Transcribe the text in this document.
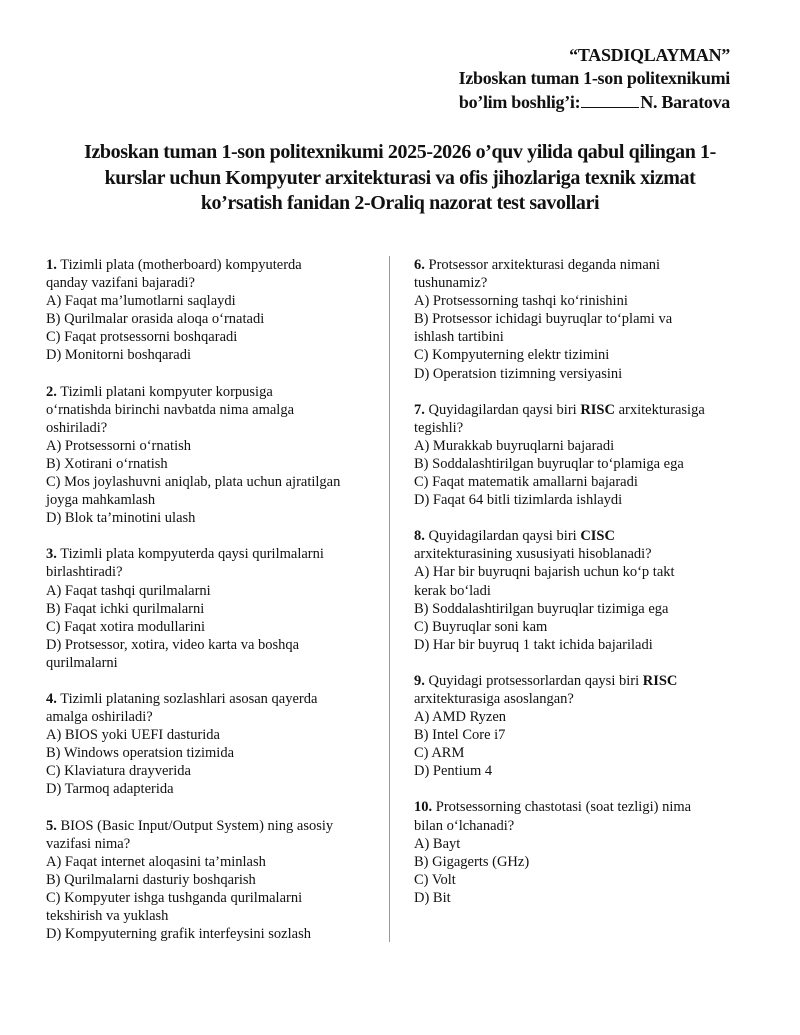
“TASDIQLAYMAN”
Izboskan tuman 1-son politexnikumi
bo’lim boshlig’i:	N. Baratova
Izboskan tuman 1-son politexnikumi 2025-2026 o’quv yilida qabul qilingan 1-
kurslar uchun Kompyuter arxitekturasi va ofis jihozlariga texnik xizmat
ko’rsatish fanidan 2-Oraliq nazorat test savollari

1. Tizimli plata (motherboard) kompyuterda

qanday vazifani bajaradi?

A) Faqat ma’lumotlarni saqlaydi

B) Qurilmalar orasida aloqa o‘rnatadi

C) Faqat protsessorni boshqaradi

D) Monitorni boshqaradi

2. Tizimli platani kompyuter korpusiga

o‘rnatishda birinchi navbatda nima amalga

oshiriladi?

A) Protsessorni o‘rnatish

B) Xotirani o‘rnatish

C) Mos joylashuvni aniqlab, plata uchun ajratilgan

joyga mahkamlash

D) Blok ta’minotini ulash

3. Tizimli plata kompyuterda qaysi qurilmalarni

birlashtiradi?

A) Faqat tashqi qurilmalarni

B) Faqat ichki qurilmalarni

C) Faqat xotira modullarini

D) Protsessor, xotira, video karta va boshqa

qurilmalarni

4. Tizimli plataning sozlashlari asosan qayerda

amalga oshiriladi?

A) BIOS yoki UEFI dasturida

B) Windows operatsion tizimida

C) Klaviatura drayverida

D) Tarmoq adapterida

5. BIOS (Basic Input/Output System) ning asosiy

vazifasi nima?

A) Faqat internet aloqasini ta’minlash

B) Qurilmalarni dasturiy boshqarish

C) Kompyuter ishga tushganda qurilmalarni

tekshirish va yuklash

D) Kompyuterning grafik interfeysini sozlash

6. Protsessor arxitekturasi deganda nimani

tushunamiz?

A) Protsessorning tashqi ko‘rinishini

B) Protsessor ichidagi buyruqlar to‘plami va

ishlash tartibini

C) Kompyuterning elektr tizimini

D) Operatsion tizimning versiyasini

7. Quyidagilardan qaysi biri RISC arxitekturasiga

tegishli?

A) Murakkab buyruqlarni bajaradi

B) Soddalashtirilgan buyruqlar to‘plamiga ega

C) Faqat matematik amallarni bajaradi

D) Faqat 64 bitli tizimlarda ishlaydi

8. Quyidagilardan qaysi biri CISC

arxitekturasining xususiyati hisoblanadi?

A) Har bir buyruqni bajarish uchun ko‘p takt

kerak bo‘ladi

B) Soddalashtirilgan buyruqlar tizimiga ega

C) Buyruqlar soni kam

D) Har bir buyruq 1 takt ichida bajariladi

9. Quyidagi protsessorlardan qaysi biri RISC

arxitekturasiga asoslangan?

A) AMD Ryzen

B) Intel Core i7

C) ARM

D) Pentium 4

10. Protsessorning chastotasi (soat tezligi) nima

bilan o‘lchanadi?

A) Bayt

B) Gigagerts (GHz)

C) Volt

D) Bit
